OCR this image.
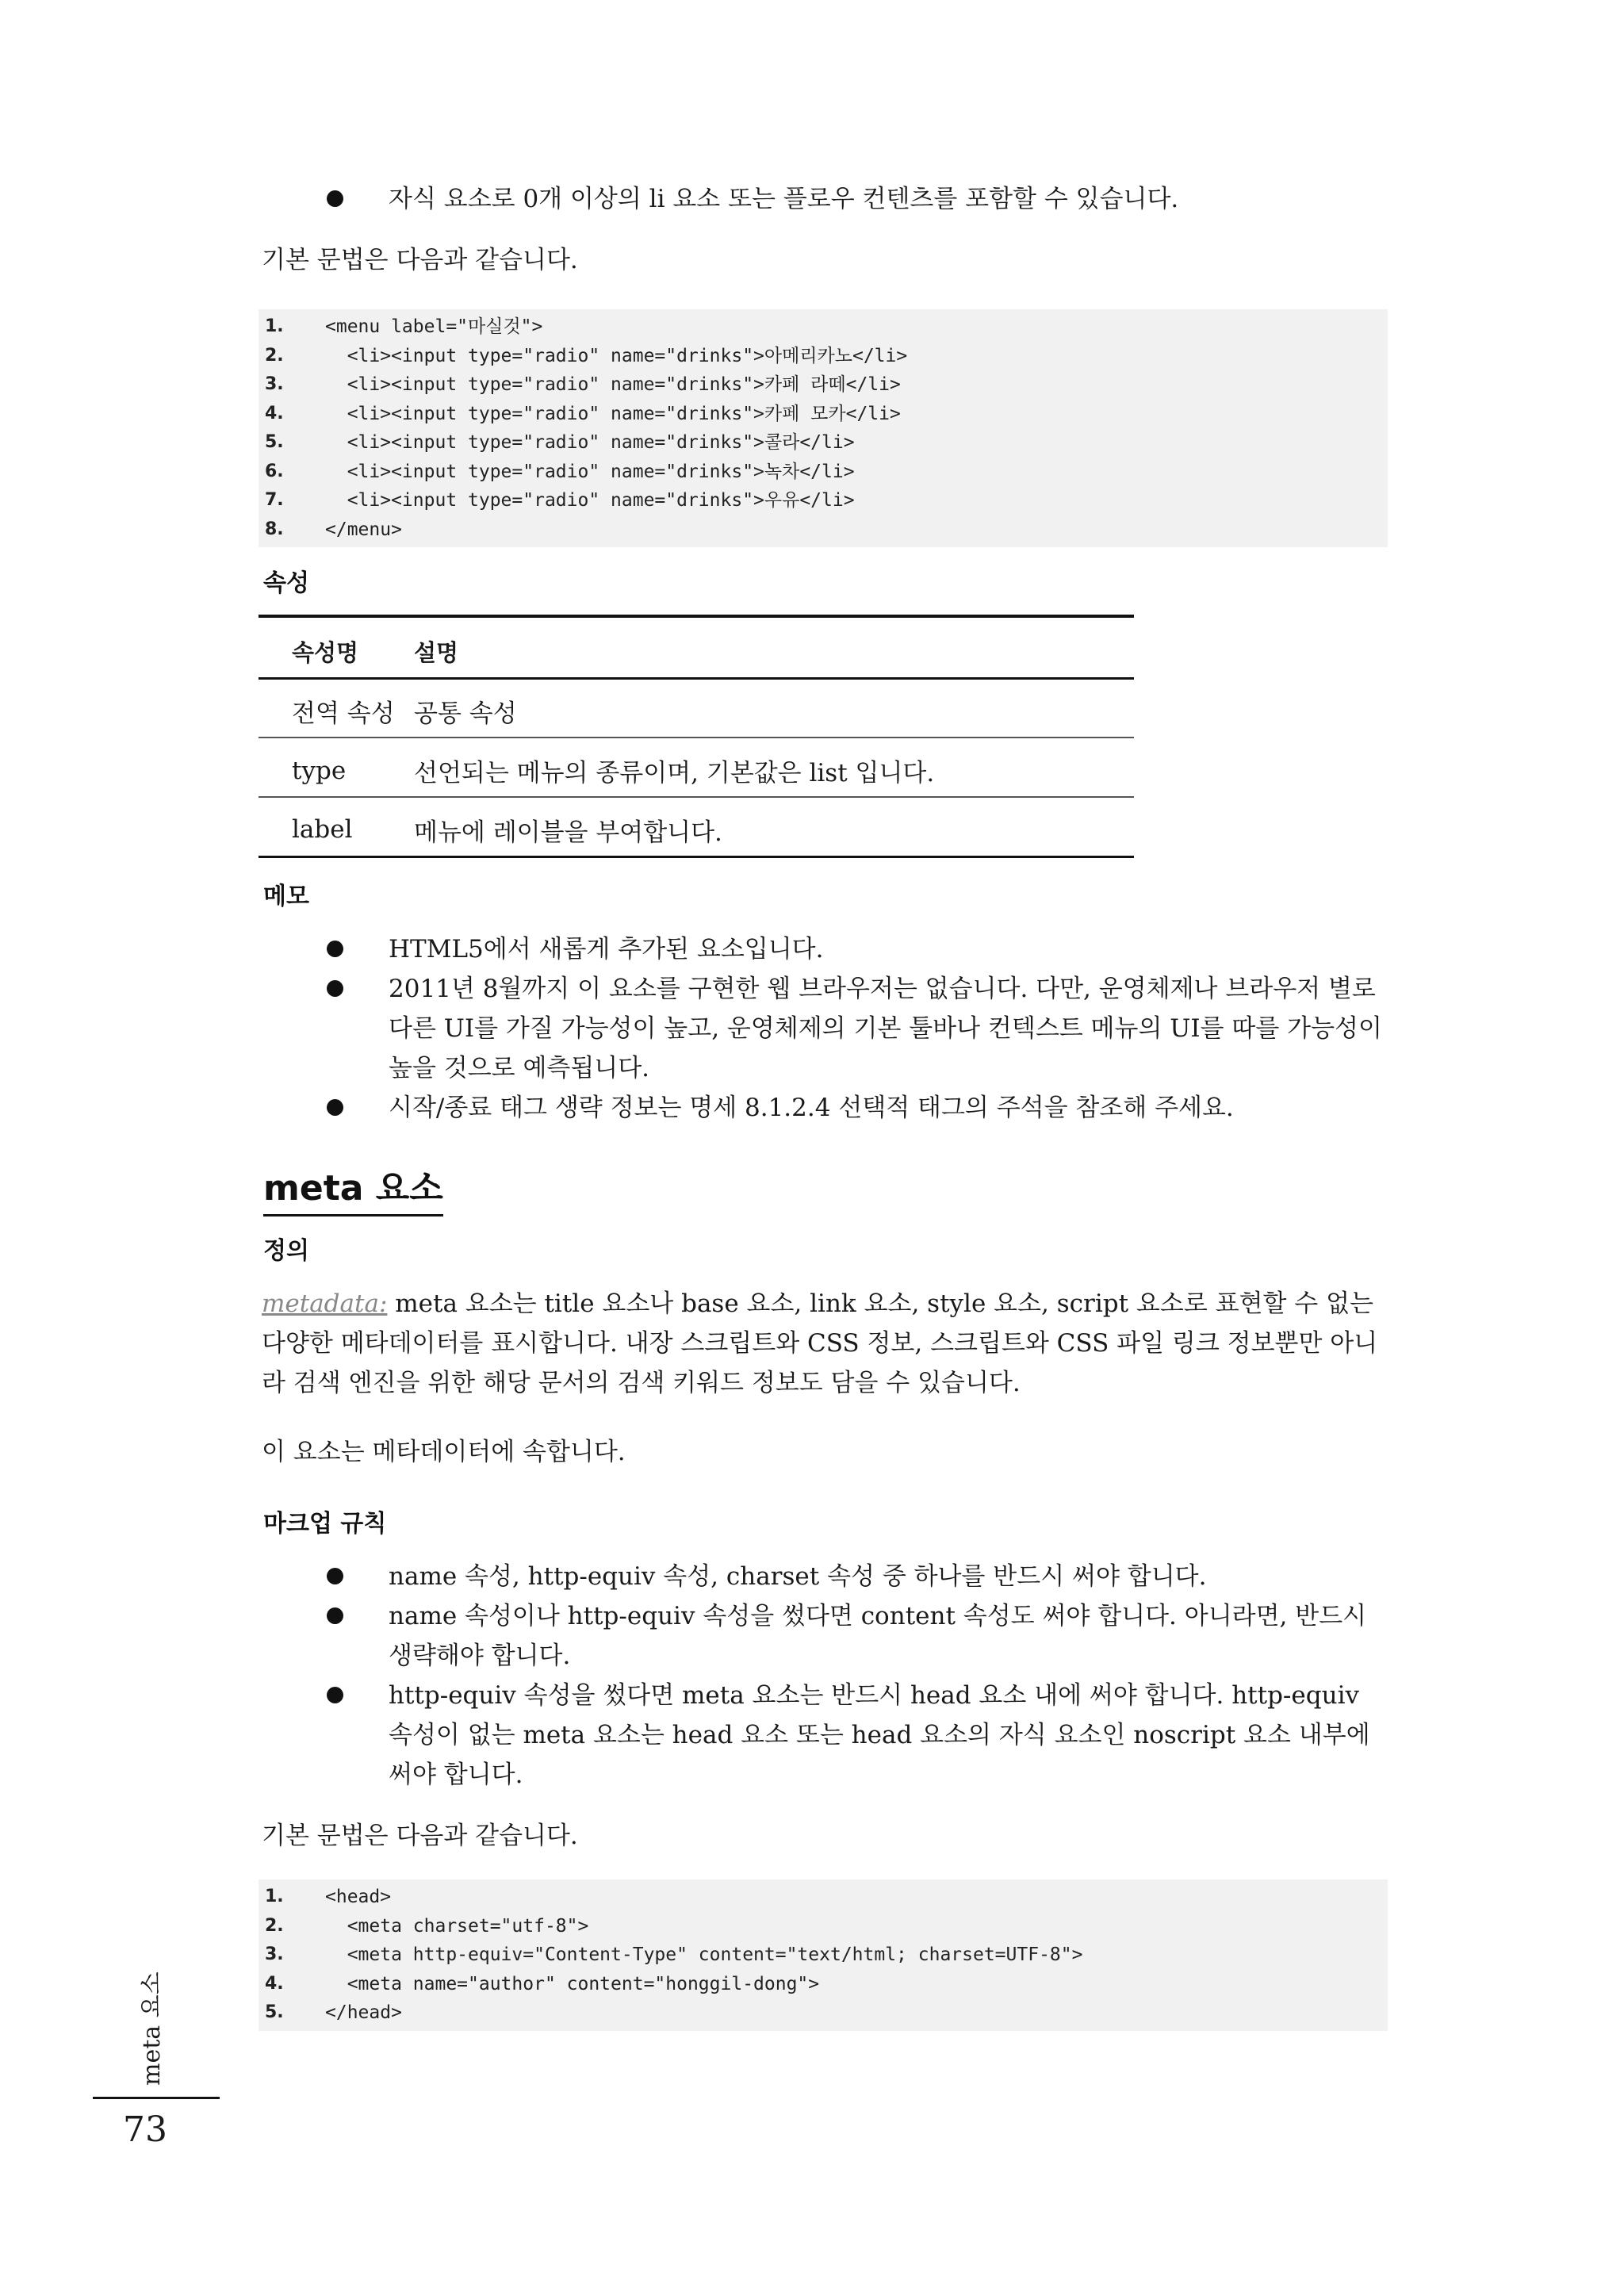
자식 요소로 0개 이상의 li 요소 또는 플로우 컨텐츠를 포함할 수 있습니다.
기본 문법은 다음과 같습니다.
1.	<menu label="마실것">
2.	<li><input type="radio" name="drinks">아메리카노</li>
3.	<li><input type="radio" name="drinks">카페 라떼</li>
4.	<li><input type="radio" name="drinks">카페 모카</li>
5.	<li><input type="radio" name="drinks">콜라</li>
6.	<li><input type="radio" name="drinks">녹차</li>
7.	<li><input type="radio" name="drinks">우유</li>
8.	</menu>
속성
속성명	설명
전역 속성	공통 속성
type	선언되는 메뉴의 종류이며, 기본값은 list 입니다.
label	메뉴에 레이블을 부여합니다.
메모
HTML5에서 새롭게 추가된 요소입니다.
2011년 8월까지 이 요소를 구현한 웹 브라우저는 없습니다. 다만, 운영체제나 브라우저 별로 다른 UI를 가질 가능성이 높고, 운영체제의 기본 툴바나 컨텍스트 메뉴의 UI를 따를 가능성이 높을 것으로 예측됩니다.
시작/종료 태그 생략 정보는 명세 8.1.2.4 선택적 태그의 주석을 참조해 주세요.
meta 요소
정의
metadata: meta 요소는 title 요소나 base 요소, link 요소, style 요소, script 요소로 표현할 수 없는 다양한 메타데이터를 표시합니다. 내장 스크립트와 CSS 정보, 스크립트와 CSS 파일 링크 정보뿐만 아니라 검색 엔진을 위한 해당 문서의 검색 키워드 정보도 담을 수 있습니다.
이 요소는 메타데이터에 속합니다.
마크업 규칙
name 속성, http-equiv 속성, charset 속성 중 하나를 반드시 써야 합니다.
name 속성이나 http-equiv 속성을 썼다면 content 속성도 써야 합니다. 아니라면, 반드시 생략해야 합니다.
http-equiv 속성을 썼다면 meta 요소는 반드시 head 요소 내에 써야 합니다. http-equiv 속성이 없는 meta 요소는 head 요소 또는 head 요소의 자식 요소인 noscript 요소 내부에 써야 합니다.
기본 문법은 다음과 같습니다.
1.	<head>
2.	<meta charset="utf-8">
3.	<meta http-equiv="Content-Type" content="text/html; charset=UTF-8">
4.	<meta name="author" content="honggil-dong">
5.	</head>
meta 요소
73
